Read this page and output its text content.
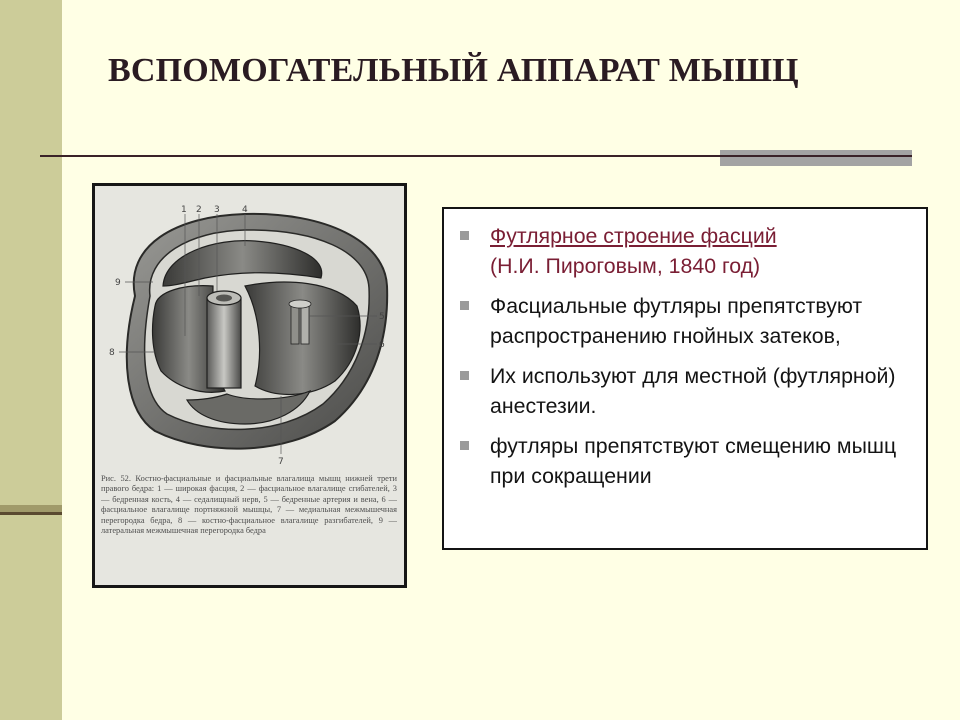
ВСПОМОГАТЕЛЬНЫЙ АППАРАТ МЫШЦ
1 2 3 4
5
6
7
8
9
Рис. 52. Костно-фасциальные и фасциальные влагалища мышц нижней трети правого бедра: 1 — широкая фасция, 2 — фасциальное влагалище сгибателей, 3 — бедренная кость, 4 — седалищный нерв, 5 — бедренные артерия и вена, 6 — фасциальное влагалище портняжной мышцы, 7 — медиальная межмышечная перегородка бедра, 8 — костно-фасциальное влагалище разгибателей, 9 — латеральная межмышечная перегородка бедра
Футлярное строение фасций
(Н.И. Пироговым, 1840 год)
Фасциальные футляры препятствуют распространению гнойных затеков,
Их используют для местной (футлярной) анестезии.
футляры препятствуют смещению мышц при сокращении
